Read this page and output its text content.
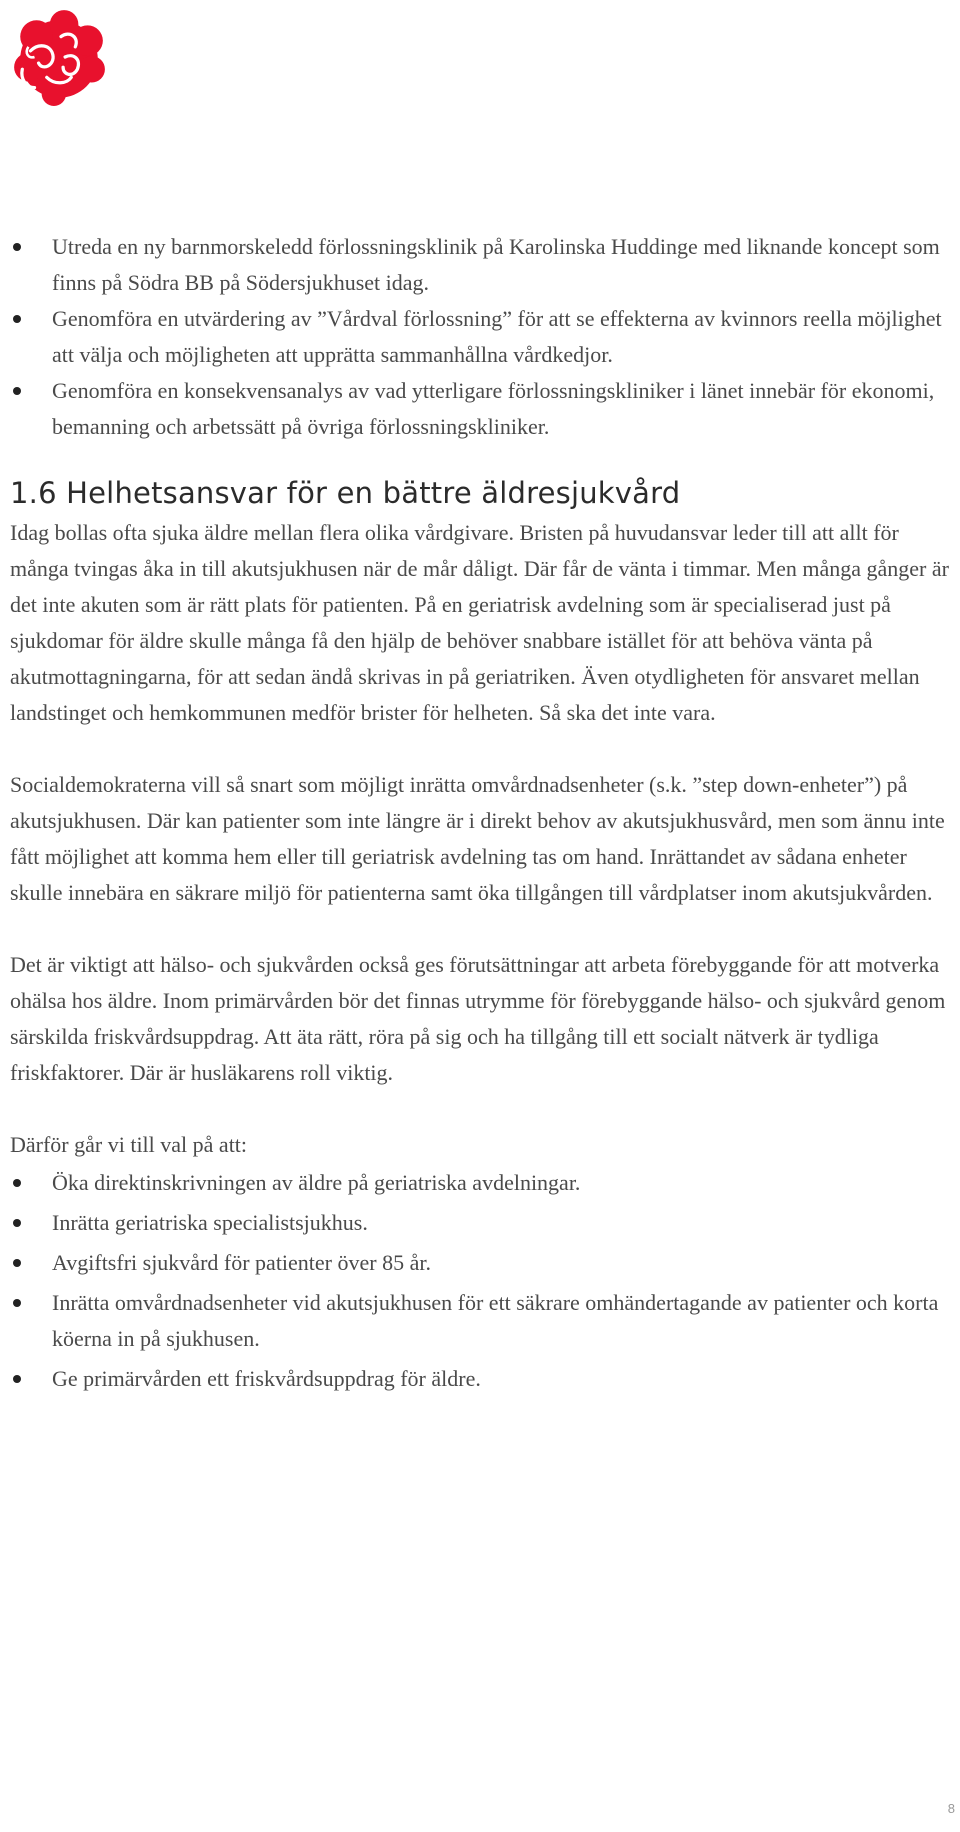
Utreda en ny barnmorskeledd förlossningsklinik på Karolinska Huddinge med liknande koncept som finns på Södra BB på Södersjukhuset idag.
Genomföra en utvärdering av ”Vårdval förlossning” för att se effekterna av kvinnors reella möjlighet att välja och möjligheten att upprätta sammanhållna vårdkedjor.
Genomföra en konsekvensanalys av vad ytterligare förlossningskliniker i länet innebär för ekonomi, bemanning och arbetssätt på övriga förlossningskliniker.
1.6 Helhetsansvar för en bättre äldresjukvård

Idag bollas ofta sjuka äldre mellan flera olika vårdgivare. Bristen på huvudansvar leder till att allt för många tvingas åka in till akutsjukhusen när de mår dåligt. Där får de vänta i timmar. Men många gånger är det inte akuten som är rätt plats för patienten. På en geriatrisk avdelning som är specialiserad just på sjukdomar för äldre skulle många få den hjälp de behöver snabbare istället för att behöva vänta på akutmottagningarna, för att sedan ändå skrivas in på geriatriken. Även otydligheten för ansvaret mellan landstinget och hemkommunen medför brister för helheten. Så ska det inte vara.

Socialdemokraterna vill så snart som möjligt inrätta omvårdnadsenheter (s.k. ”step down-enheter”) på akutsjukhusen. Där kan patienter som inte längre är i direkt behov av akutsjukhusvård, men som ännu inte fått möjlighet att komma hem eller till geriatrisk avdelning tas om hand. Inrättandet av sådana enheter skulle innebära en säkrare miljö för patienterna samt öka tillgången till vårdplatser inom akutsjukvården.

Det är viktigt att hälso- och sjukvården också ges förutsättningar att arbeta förebyggande för att motverka ohälsa hos äldre. Inom primärvården bör det finnas utrymme för förebyggande hälso- och sjukvård genom särskilda friskvårdsuppdrag. Att äta rätt, röra på sig och ha tillgång till ett socialt nätverk är tydliga friskfaktorer. Där är husläkarens roll viktig.

Därför går vi till val på att:

Öka direktinskrivningen av äldre på geriatriska avdelningar.
Inrätta geriatriska specialistsjukhus.
Avgiftsfri sjukvård för patienter över 85 år.
Inrätta omvårdnadsenheter vid akutsjukhusen för ett säkrare omhändertagande av patienter och korta köerna in på sjukhusen.
Ge primärvården ett friskvårdsuppdrag för äldre.
8
